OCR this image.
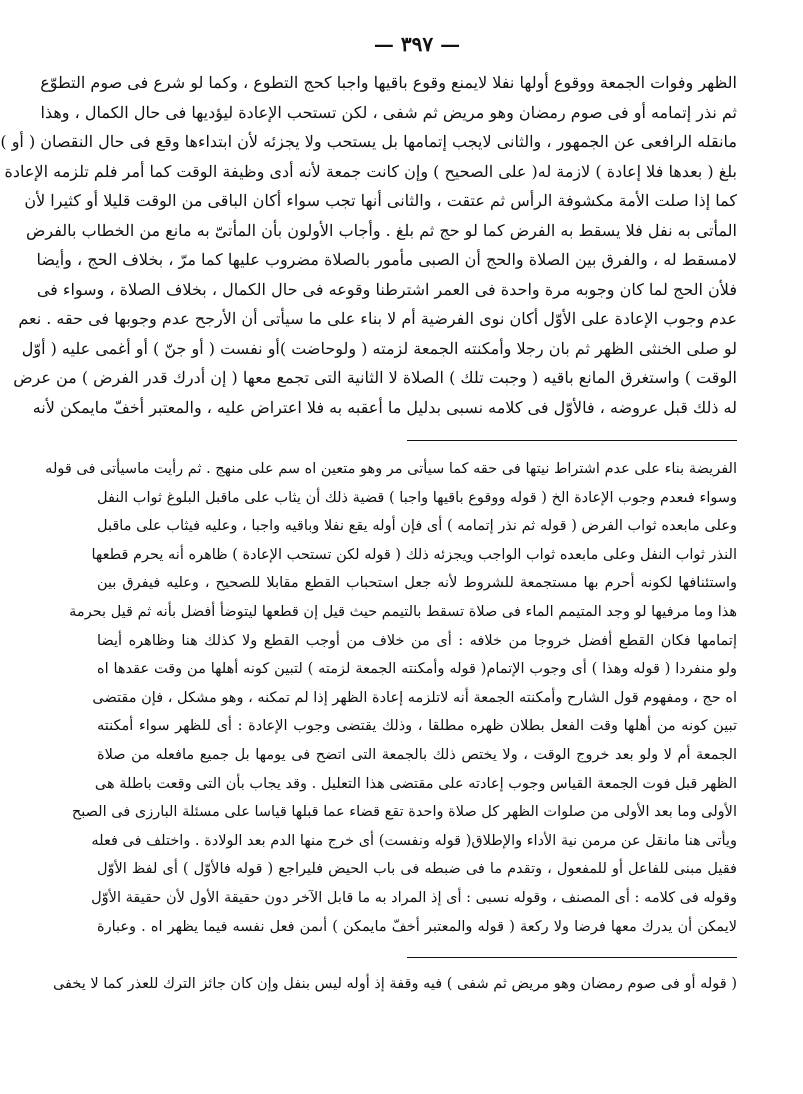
— ٣٩٧ —
الظهر وفوات الجمعة ووقوع أولها نفلا لايمنع وقوع باقيها واجبا كحج التطوع ، وكما لو شرع فى صوم التطوّع
ثم نذر إتمامه أو فى صوم رمضان وهو مريض ثم شفى ، لكن تستحب الإعادة ليؤديها فى حال الكمال ، وهذا
مانقله الرافعى عن الجمهور ، والثانى لايجب إتمامها بل يستحب ولا يجزئه لأن ابتداءها وقع فى حال النقصان ( أو )
بلغ ( بعدها فلا إعادة ) لازمة له( على الصحيح ) وإن كانت جمعة لأنه أدى وظيفة الوقت كما أمر فلم تلزمه الإعادة
كما إذا صلت الأمة مكشوفة الرأس ثم عتقت ، والثانى أنها تجب سواء أكان الباقى من الوقت قليلا أو كثيرا لأن
المأتى به نفل فلا يسقط به الفرض كما لو حج ثم بلغ . وأجاب الأولون بأن المأتىّ به مانع من الخطاب بالفرض
لامسقط له ، والفرق بين الصلاة والحج أن الصبى مأمور بالصلاة مضروب عليها كما مرّ ، بخلاف الحج ، وأيضا
فلأن الحج لما كان وجوبه مرة واحدة فى العمر اشترطنا وقوعه فى حال الكمال ، بخلاف الصلاة ، وسواء فى
عدم وجوب الإعادة على الأوّل أكان نوى الفرضية أم لا بناء على ما سيأتى أن الأرجح عدم وجوبها فى حقه . نعم
لو صلى الخنثى الظهر ثم بان رجلا وأمكنته الجمعة لزمته ( ولوحاضت )أو نفست ( أو جنّ ) أو أغمى عليه ( أوّل
الوقت ) واستغرق المانع باقيه ( وجبت تلك ) الصلاة لا الثانية التى تجمع معها ( إن أدرك قدر الفرض ) من عرض
له ذلك قبل عروضه ، فالأوّل فى كلامه نسبى بدليل ما أعقبه به فلا اعتراض عليه ، والمعتبر أخفّ مايمكن لأنه
الفريضة بناء على عدم اشتراط نيتها فى حقه كما سيأتى مر وهو متعين اه سم على منهج . ثم رأيت ماسيأتى فى قوله
وسواء فىعدم وجوب الإعادة الخ ( قوله ووقوع باقيها واجبا ) قضية ذلك أن يثاب على ماقبل البلوغ ثواب النفل
وعلى مابعده ثواب الفرض ( قوله ثم نذر إتمامه ) أى فإن أوله يقع نفلا وباقيه واجبا ، وعليه فيثاب على ماقبل
النذر ثواب النفل وعلى مابعده ثواب الواجب ويجزئه ذلك ( قوله لكن تستحب الإعادة ) ظاهره أنه يحرم قطعها
واستئنافها لكونه أحرم بها مستجمعة للشروط لأنه جعل استحباب القطع مقابلا للصحيح ، وعليه فيفرق بين
هذا وما مرفيها لو وجد المتيمم الماء فى صلاة تسقط بالتيمم حيث قيل إن قطعها ليتوضأ أفضل بأنه ثم قيل بحرمة
إتمامها فكان القطع أفضل خروجا من خلافه : أى من خلاف من أوجب القطع ولا كذلك هنا وظاهره أيضا
ولو منفردا ( قوله وهذا ) أى وجوب الإتمام( قوله وأمكنته الجمعة لزمته ) لتبين كونه أهلها من وقت عقدها اه
اه حج ، ومفهوم قول الشارح وأمكنته الجمعة أنه لاتلزمه إعادة الظهر إذا لم تمكنه ، وهو مشكل ، فإن مقتضى
تبين كونه من أهلها وقت الفعل بطلان ظهره مطلقا ، وذلك يقتضى وجوب الإعادة : أى للظهر سواء أمكنته
الجمعة أم لا ولو بعد خروج الوقت ، ولا يختص ذلك بالجمعة التى اتضح فى يومها بل جميع مافعله من صلاة
الظهر قبل فوت الجمعة القياس وجوب إعادته على مقتضى هذا التعليل . وقد يجاب بأن التى وقعت باطلة هى
الأولى وما بعد الأولى من صلوات الظهر كل صلاة واحدة تقع قضاء عما قبلها قياسا على مسئلة البارزى فى الصبح
ويأتى هنا مانقل عن مرمن نية الأداء والإطلاق( قوله ونفست) أى خرج منها الدم بعد الولادة . واختلف فى فعله
فقيل مبنى للفاعل أو للمفعول ، وتقدم ما فى ضبطه فى باب الحيض فليراجع ( قوله فالأوّل ) أى لفظ الأوّل
وقوله فى كلامه : أى المصنف ، وقوله نسبى : أى إذ المراد به ما قابل الآخر دون حقيقة الأول لأن حقيقة الأوّل
لايمكن أن يدرك معها فرضا ولا ركعة ( قوله والمعتبر أخفّ مايمكن ) أىمن فعل نفسه فيما يظهر اه . وعبارة
( قوله أو فى صوم رمضان وهو مريض ثم شفى ) فيه وقفة إذ أوله ليس بنفل وإن كان جائز الترك للعذر كما لا يخفى
